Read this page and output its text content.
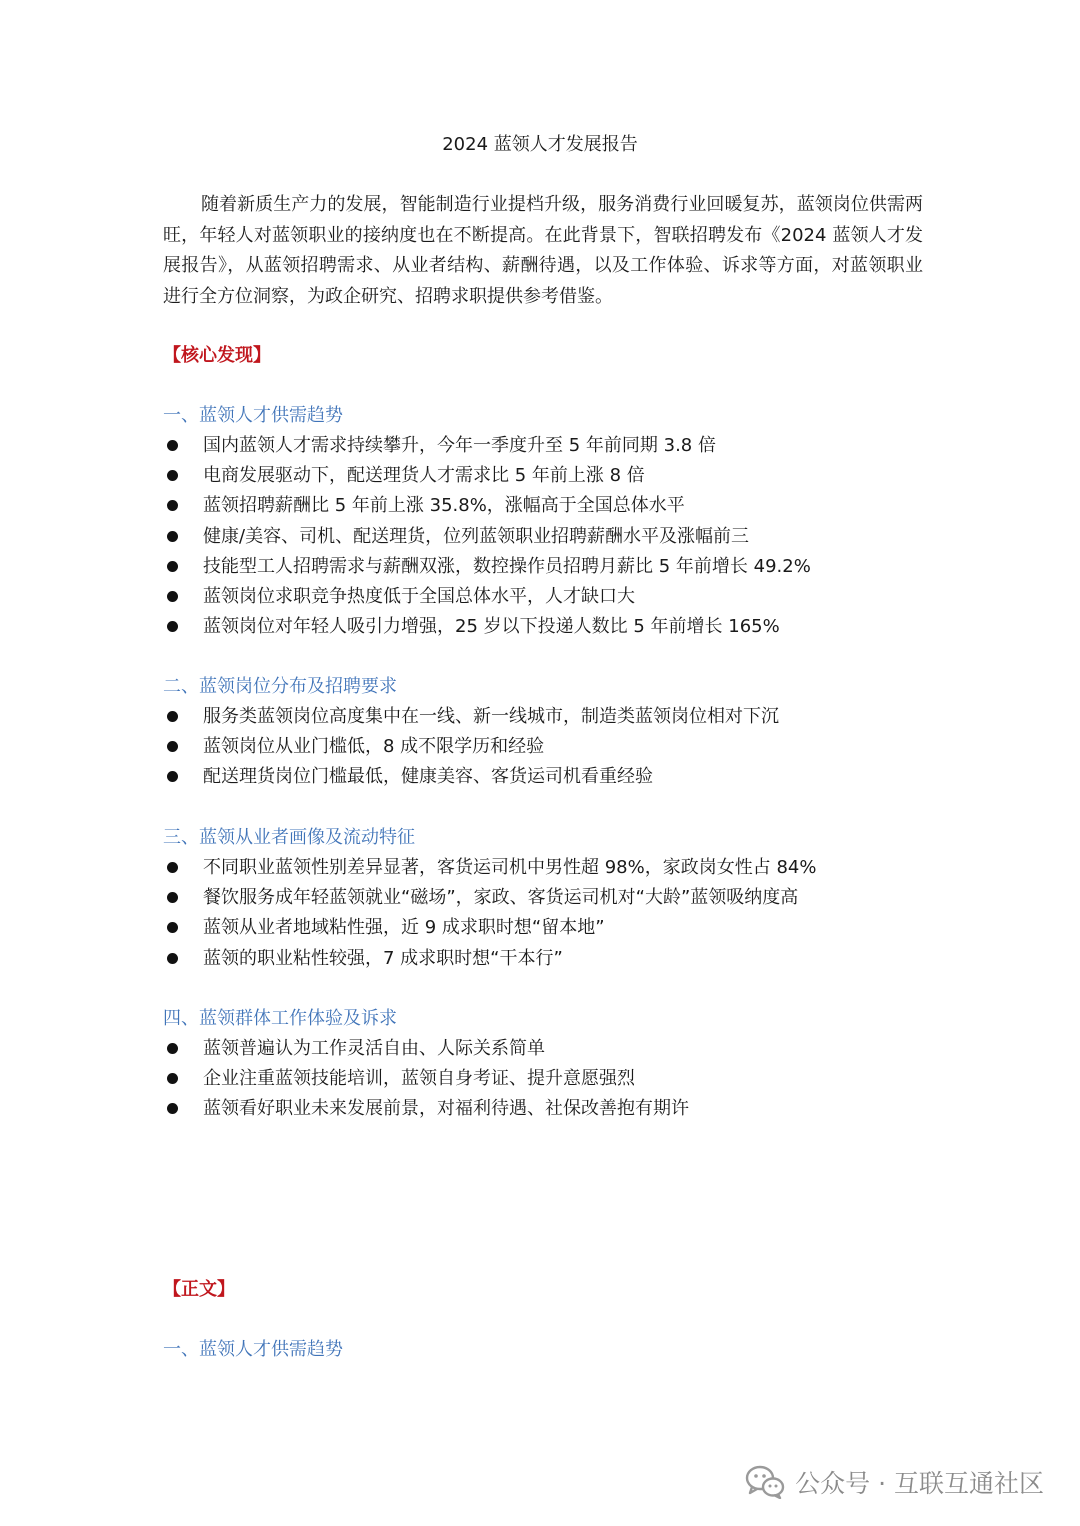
2024 蓝领人才发展报告

随着新质生产力的发展，智能制造行业提档升级，服务消费行业回暖复苏，蓝领岗位供需两旺，年轻人对蓝领职业的接纳度也在不断提高。在此背景下，智联招聘发布《2024 蓝领人才发展报告》，从蓝领招聘需求、从业者结构、薪酬待遇，以及工作体验、诉求等方面，对蓝领职业进行全方位洞察，为政企研究、招聘求职提供参考借鉴。

【核心发现】
一、蓝领人才供需趋势
国内蓝领人才需求持续攀升，今年一季度升至 5 年前同期 3.8 倍
电商发展驱动下，配送理货人才需求比 5 年前上涨 8 倍
蓝领招聘薪酬比 5 年前上涨 35.8%，涨幅高于全国总体水平
健康/美容、司机、配送理货，位列蓝领职业招聘薪酬水平及涨幅前三
技能型工人招聘需求与薪酬双涨，数控操作员招聘月薪比 5 年前增长 49.2%
蓝领岗位求职竞争热度低于全国总体水平，人才缺口大
蓝领岗位对年轻人吸引力增强，25 岁以下投递人数比 5 年前增长 165%
二、蓝领岗位分布及招聘要求
服务类蓝领岗位高度集中在一线、新一线城市，制造类蓝领岗位相对下沉
蓝领岗位从业门槛低，8 成不限学历和经验
配送理货岗位门槛最低，健康美容、客货运司机看重经验
三、蓝领从业者画像及流动特征
不同职业蓝领性别差异显著，客货运司机中男性超 98%，家政岗女性占 84%
餐饮服务成年轻蓝领就业“磁场”，家政、客货运司机对“大龄”蓝领吸纳度高
蓝领从业者地域粘性强，近 9 成求职时想“留本地”
蓝领的职业粘性较强，7 成求职时想“干本行”
四、蓝领群体工作体验及诉求
蓝领普遍认为工作灵活自由、人际关系简单
企业注重蓝领技能培训，蓝领自身考证、提升意愿强烈
蓝领看好职业未来发展前景，对福利待遇、社保改善抱有期许
【正文】
一、蓝领人才供需趋势
公众号 · 互联互通社区
